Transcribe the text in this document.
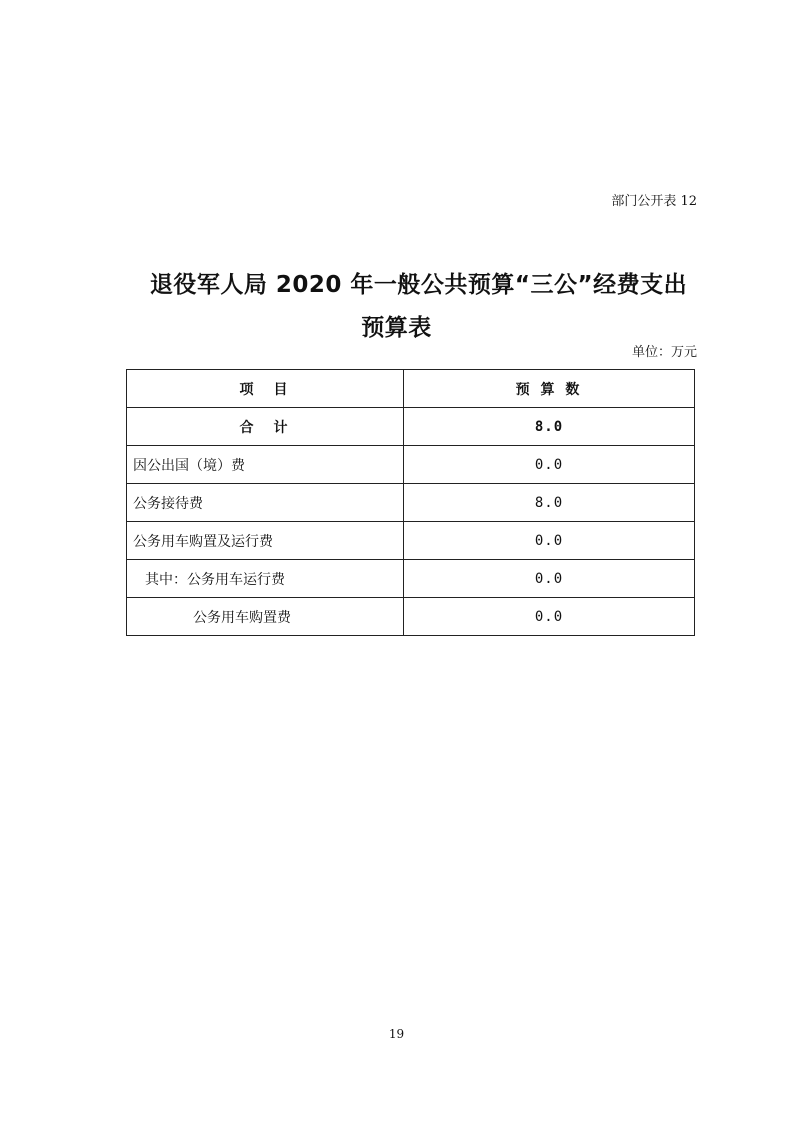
部门公开表 12
退役军人局 2020 年一般公共预算“三公”经费支出
预算表
单位：万元
项　目	预 算 数
合　计	8.0
因公出国（境）费	0.0
公务接待费	8.0
公务用车购置及运行费	0.0
其中：公务用车运行费	0.0
公务用车购置费	0.0
19
